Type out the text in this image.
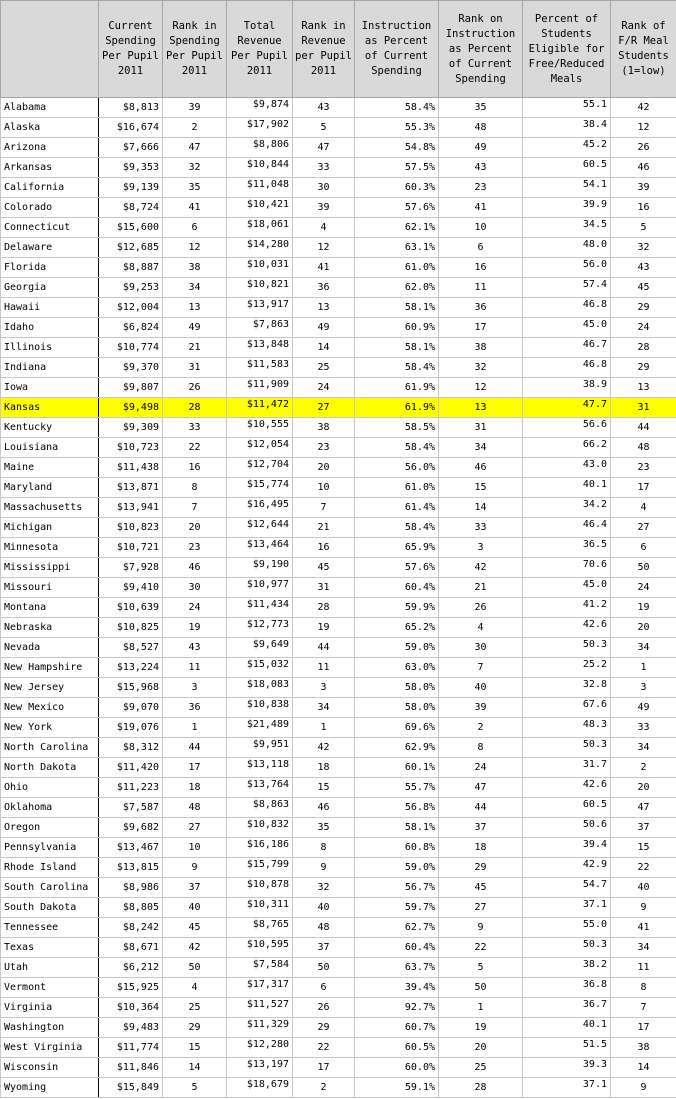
	Current Spending Per Pupil 2011	Rank in Spending Per Pupil 2011	Total Revenue Per Pupil 2011	Rank in Revenue per Pupil 2011	Instruction as Percent of Current Spending	Rank on Instruction as Percent of Current Spending	Percent of Students Eligible for Free/Reduced Meals	Rank of F/R Meal Students (1=low)
Alabama	$8,813	39	$9,874	43	58.4%	35	55.1	42
Alaska	$16,674	2	$17,902	5	55.3%	48	38.4	12
Arizona	$7,666	47	$8,806	47	54.8%	49	45.2	26
Arkansas	$9,353	32	$10,844	33	57.5%	43	60.5	46
California	$9,139	35	$11,048	30	60.3%	23	54.1	39
Colorado	$8,724	41	$10,421	39	57.6%	41	39.9	16
Connecticut	$15,600	6	$18,061	4	62.1%	10	34.5	5
Delaware	$12,685	12	$14,280	12	63.1%	6	48.0	32
Florida	$8,887	38	$10,031	41	61.0%	16	56.0	43
Georgia	$9,253	34	$10,821	36	62.0%	11	57.4	45
Hawaii	$12,004	13	$13,917	13	58.1%	36	46.8	29
Idaho	$6,824	49	$7,863	49	60.9%	17	45.0	24
Illinois	$10,774	21	$13,848	14	58.1%	38	46.7	28
Indiana	$9,370	31	$11,583	25	58.4%	32	46.8	29
Iowa	$9,807	26	$11,909	24	61.9%	12	38.9	13
Kansas	$9,498	28	$11,472	27	61.9%	13	47.7	31
Kentucky	$9,309	33	$10,555	38	58.5%	31	56.6	44
Louisiana	$10,723	22	$12,054	23	58.4%	34	66.2	48
Maine	$11,438	16	$12,704	20	56.0%	46	43.0	23
Maryland	$13,871	8	$15,774	10	61.0%	15	40.1	17
Massachusetts	$13,941	7	$16,495	7	61.4%	14	34.2	4
Michigan	$10,823	20	$12,644	21	58.4%	33	46.4	27
Minnesota	$10,721	23	$13,464	16	65.9%	3	36.5	6
Mississippi	$7,928	46	$9,190	45	57.6%	42	70.6	50
Missouri	$9,410	30	$10,977	31	60.4%	21	45.0	24
Montana	$10,639	24	$11,434	28	59.9%	26	41.2	19
Nebraska	$10,825	19	$12,773	19	65.2%	4	42.6	20
Nevada	$8,527	43	$9,649	44	59.0%	30	50.3	34
New Hampshire	$13,224	11	$15,032	11	63.0%	7	25.2	1
New Jersey	$15,968	3	$18,083	3	58.0%	40	32.8	3
New Mexico	$9,070	36	$10,838	34	58.0%	39	67.6	49
New York	$19,076	1	$21,489	1	69.6%	2	48.3	33
North Carolina	$8,312	44	$9,951	42	62.9%	8	50.3	34
North Dakota	$11,420	17	$13,118	18	60.1%	24	31.7	2
Ohio	$11,223	18	$13,764	15	55.7%	47	42.6	20
Oklahoma	$7,587	48	$8,863	46	56.8%	44	60.5	47
Oregon	$9,682	27	$10,832	35	58.1%	37	50.6	37
Pennsylvania	$13,467	10	$16,186	8	60.8%	18	39.4	15
Rhode Island	$13,815	9	$15,799	9	59.0%	29	42.9	22
South Carolina	$8,986	37	$10,878	32	56.7%	45	54.7	40
South Dakota	$8,805	40	$10,311	40	59.7%	27	37.1	9
Tennessee	$8,242	45	$8,765	48	62.7%	9	55.0	41
Texas	$8,671	42	$10,595	37	60.4%	22	50.3	34
Utah	$6,212	50	$7,584	50	63.7%	5	38.2	11
Vermont	$15,925	4	$17,317	6	39.4%	50	36.8	8
Virginia	$10,364	25	$11,527	26	92.7%	1	36.7	7
Washington	$9,483	29	$11,329	29	60.7%	19	40.1	17
West Virginia	$11,774	15	$12,280	22	60.5%	20	51.5	38
Wisconsin	$11,846	14	$13,197	17	60.0%	25	39.3	14
Wyoming	$15,849	5	$18,679	2	59.1%	28	37.1	9
